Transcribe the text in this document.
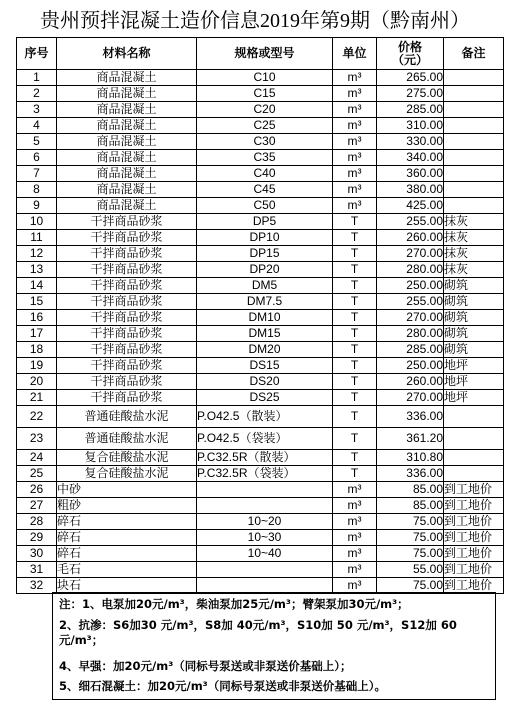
贵州预拌混凝土造价信息2019年第9期（黔南州）
序号	材料名称	规格或型号	单位	价格（元）	备注
1	商品混凝土	C10	m³	265.00	
2	商品混凝土	C15	m³	275.00	
3	商品混凝土	C20	m³	285.00	
4	商品混凝土	C25	m³	310.00	
5	商品混凝土	C30	m³	330.00	
6	商品混凝土	C35	m³	340.00	
7	商品混凝土	C40	m³	360.00	
8	商品混凝土	C45	m³	380.00	
9	商品混凝土	C50	m³	425.00	
10	干拌商品砂浆	DP5	T	255.00	抹灰
11	干拌商品砂浆	DP10	T	260.00	抹灰
12	干拌商品砂浆	DP15	T	270.00	抹灰
13	干拌商品砂浆	DP20	T	280.00	抹灰
14	干拌商品砂浆	DM5	T	250.00	砌筑
15	干拌商品砂浆	DM7.5	T	255.00	砌筑
16	干拌商品砂浆	DM10	T	270.00	砌筑
17	干拌商品砂浆	DM15	T	280.00	砌筑
18	干拌商品砂浆	DM20	T	285.00	砌筑
19	干拌商品砂浆	DS15	T	250.00	地坪
20	干拌商品砂浆	DS20	T	260.00	地坪
21	干拌商品砂浆	DS25	T	270.00	地坪
22	普通硅酸盐水泥	P.O42.5（散装）	T	336.00	
23	普通硅酸盐水泥	P.O42.5（袋装）	T	361.20	
24	复合硅酸盐水泥	P.C32.5R（散装）	T	310.80	
25	复合硅酸盐水泥	P.C32.5R（袋装）	T	336.00	
26	中砂		m³	85.00	到工地价
27	粗砂		m³	85.00	到工地价
28	碎石	10~20	m³	75.00	到工地价
29	碎石	10~30	m³	75.00	到工地价
30	碎石	10~40	m³	75.00	到工地价
31	毛石		m³	55.00	到工地价
32	块石		m³	75.00	到工地价
注：1、电泵加20元/m³，柴油泵加25元/m³；臂架泵加30元/m³；
2、抗渗：S6加30 元/m³，S8加 40元/m³，S10加 50 元/m³，S12加 60元/m³；
4、早强：加20元/m³（同标号泵送或非泵送价基础上）；
5、细石混凝土：加20元/m³（同标号泵送或非泵送价基础上）。
